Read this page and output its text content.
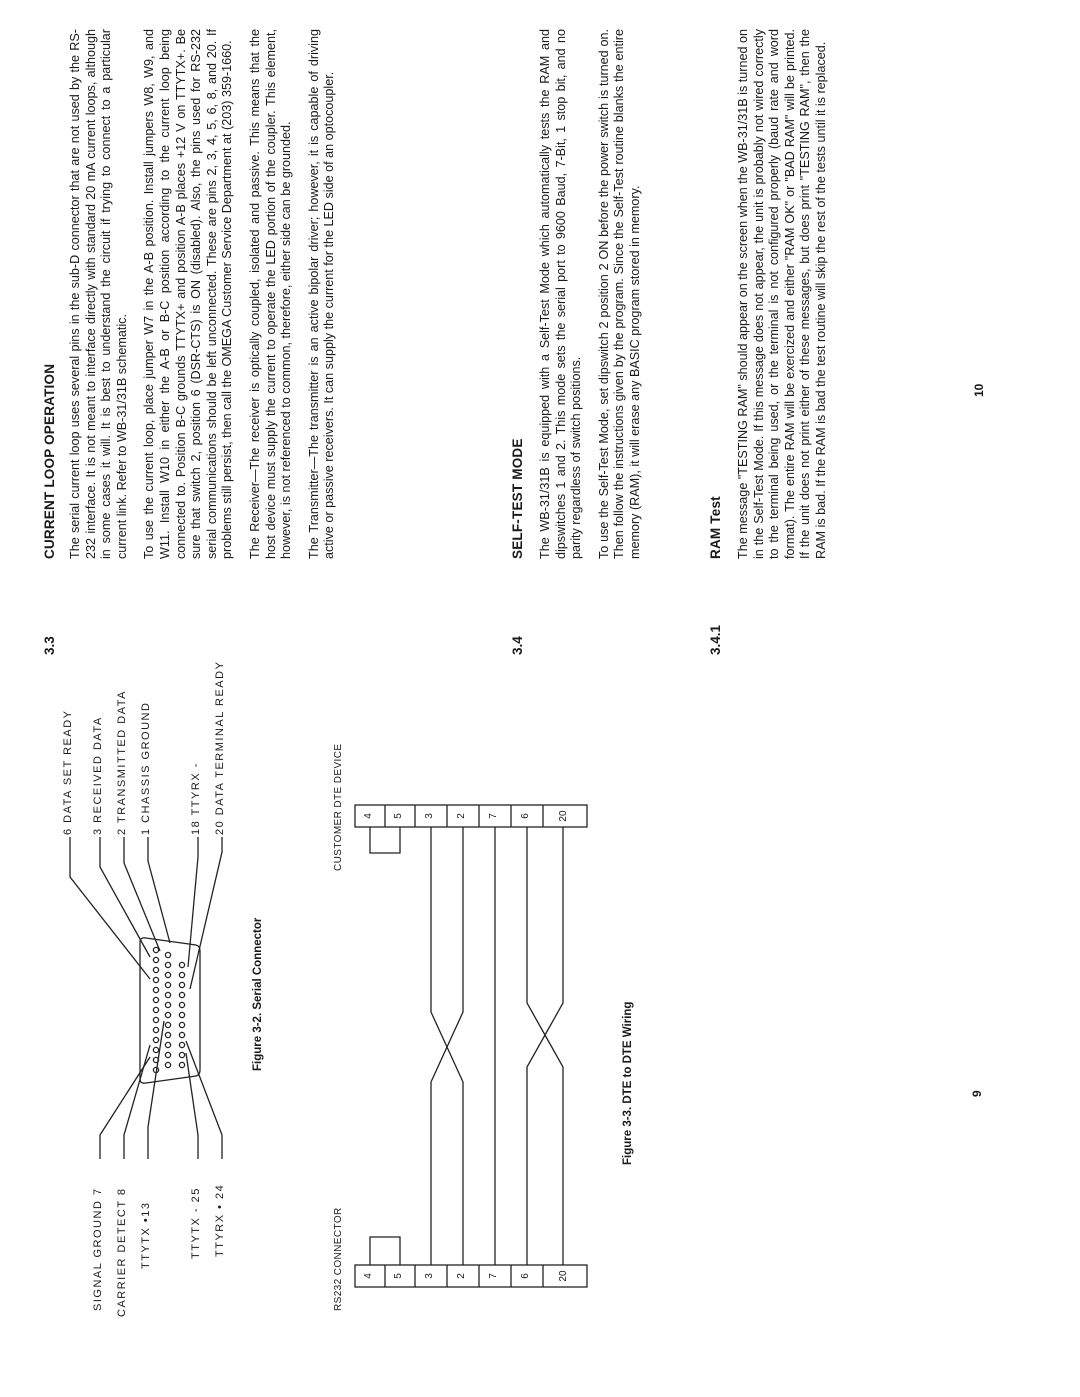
SIGNAL GROUND 7 CARRIER DETECT 8 TTYTX •13	TTYTX - 25 TTYRX • 24
6 DATA SET READY 3 RECEIVED DATA 2 TRANSMITTED DATA 1 CHASSIS GROUND	18 TTYRX - 20 DATA TERMINAL READY
Figure 3-2. Serial Connector
RS232 CONNECTOR
CUSTOMER DTE DEVICE
4 5 3 2 7 6	20
4 5 3 2 7 6	20
Figure 3-3. DTE to DTE Wiring	9
3.3
CURRENT LOOP OPERATION The serial current loop uses several pins in the sub-D connector that are not used by the RS-232 interface. It is not meant to interface directly with standard 20 mA current loops, although in some cases it will. It is best to understand the circuit if trying to connect to a particular current link. Refer to WB-31/31B schematic. To use the current loop, place jumper W7 in the A-B position. Install jumpers W8, W9, and W11. Install W10 in either the A-B or B-C position according to the current loop being connected to. Position B-C grounds TTYTX+ and position A-B places +12 V on TTYTX+. Be sure that switch 2, position 6 (DSR-CTS) is ON (disabled). Also, the pins used for RS-232 serial communications should be left unconnected. These are pins 2, 3, 4, 5, 6, 8, and 20. If problems still persist, then call the OMEGA Customer Service Department at (203) 359-1660. The Receiver—The receiver is optically coupled, isolated and passive. This means that the host device must supply the current to operate the LED portion of the coupler. This element, however, is not referenced to common, therefore, either side can be grounded. The Transmitter—The transmitter is an active bipolar driver; however, it is capable of driving active or passive receivers. It can supply the current for the LED side of an optocoupler.

3.4
SELF-TEST MODE The WB-31/31B is equipped with a Self-Test Mode which automatically tests the RAM and dipswitches 1 and 2. This mode sets the serial port to 9600 Baud, 7-Bit, 1 stop bit, and no parity regardless of switch positions. To use the Self-Test Mode, set dipswitch 2 position 2 ON before the power switch is turned on. Then follow the instructions given by the program. Since the Self-Test routine blanks the entire memory (RAM), it will erase any BASIC program stored in memory.

3.4.1
RAM Test The message "TESTING RAM" should appear on the screen when the WB-31/31B is turned on in the Self-Test Mode. If this message does not appear, the unit is probably not wired correctly to the terminal being used, or the terminal is not configured properly (baud rate and word format). The entire RAM will be exercized and either "RAM OK" or "BAD RAM" will be printed. If the unit does not print either of these messages, but does print "TESTING RAM", then the RAM is bad. If the RAM is bad the test routine will skip the rest of the tests until it is replaced.	10
